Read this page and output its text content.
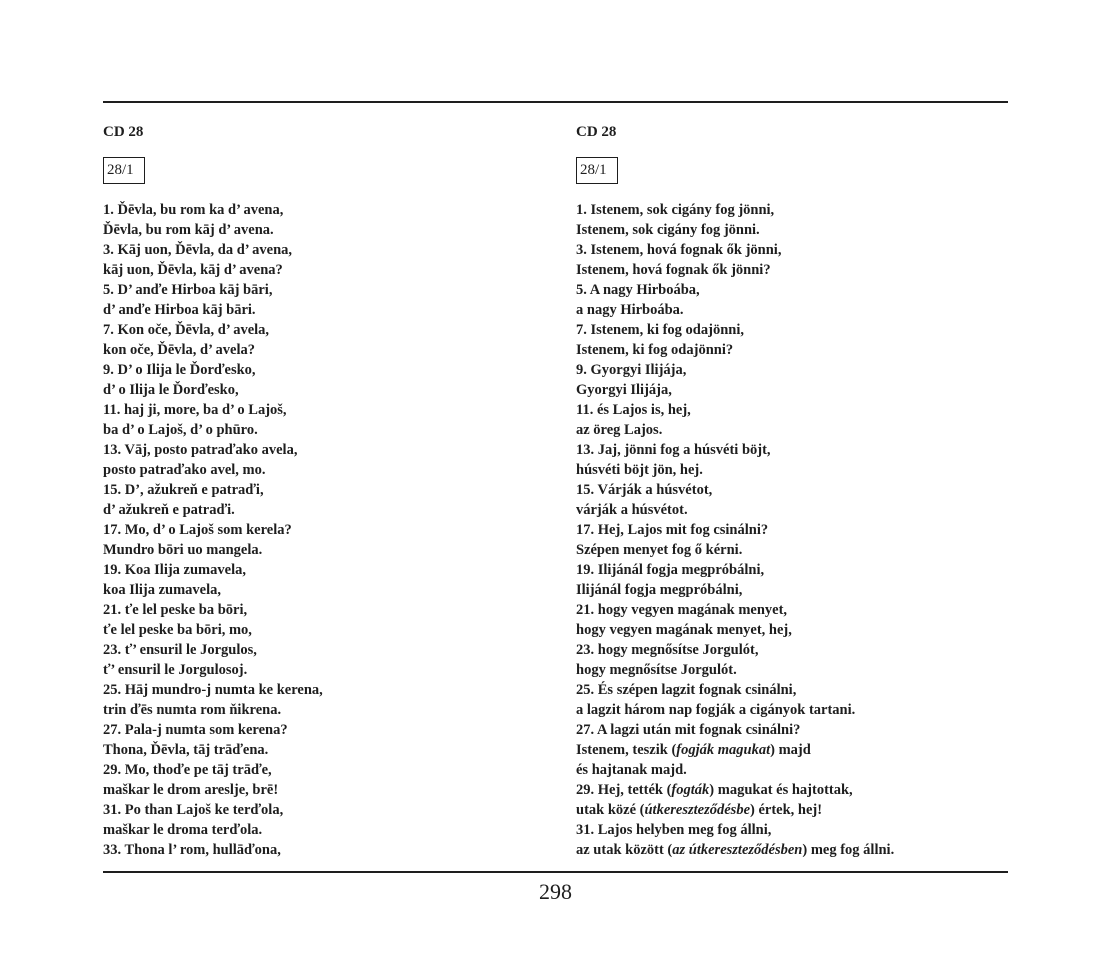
CD 28
28/1
1. Ďēvla, bu rom ka d’ avena,
Ďēvla, bu rom kāj d’ avena.
3. Kāj uon, Ďēvla, da d’ avena,
kāj uon, Ďēvla, kāj d’ avena?
5. D’ anďe Hirboa kāj bāri,
d’ anďe Hirboa kāj bāri.
7. Kon oče, Ďēvla, d’ avela,
kon oče, Ďēvla, d’ avela?
9. D’ o Ilija le Ďorďesko,
d’ o Ilija le Ďorďesko,
11. haj ji, more, ba d’ o Lajoš,
ba d’ o Lajoš, d’ o phūro.
13. Vāj, posto patraďako avela,
posto patraďako avel, mo.
15. D’, ažukreň e patraďi,
d’ ažukreň e patraďi.
17. Mo, d’ o Lajoš som kerela?
Mundro bōri uo mangela.
19. Koa Ilija zumavela,
koa Ilija zumavela,
21. ťe lel peske ba bōri,
ťe lel peske ba bōri, mo,
23. ť’ ensuril le Jorgulos,
ť’ ensuril le Jorgulosoj.
25. Hāj mundro-j numta ke kerena,
trin ďēs numta rom ňikrena.
27. Pala-j numta som kerena?
Thona, Ďēvla, tāj trāďena.
29. Mo, thoďe pe tāj trāďe,
maškar le drom areslje, brē!
31. Po than Lajoš ke terďola,
maškar le droma terďola.
33. Thona l’ rom, hullāďona,
CD 28
28/1
1. Istenem, sok cigány fog jönni,
Istenem, sok cigány fog jönni.
3. Istenem, hová fognak ők jönni,
Istenem, hová fognak ők jönni?
5. A nagy Hirboába,
a nagy Hirboába.
7. Istenem, ki fog odajönni,
Istenem, ki fog odajönni?
9. Gyorgyi Ilijája,
Gyorgyi Ilijája,
11. és Lajos is, hej,
az öreg Lajos.
13. Jaj, jönni fog a húsvéti böjt,
húsvéti böjt jön, hej.
15. Várják a húsvétot,
várják a húsvétot.
17. Hej, Lajos mit fog csinálni?
Szépen menyet fog ő kérni.
19. Ilijánál fogja megpróbálni,
Ilijánál fogja megpróbálni,
21. hogy vegyen magának menyet,
hogy vegyen magának menyet, hej,
23. hogy megnősítse Jorgulót,
hogy megnősítse Jorgulót.
25. És szépen lagzit fognak csinálni,
a lagzit három nap fogják a cigányok tartani.
27. A lagzi után mit fognak csinálni?
Istenem, teszik (fogják magukat) majd
és hajtanak majd.
29. Hej, tették (fogták) magukat és hajtottak,
utak közé (útkereszteződésbe) értek, hej!
31. Lajos helyben meg fog állni,
az utak között (az útkereszteződésben) meg fog állni.
298
